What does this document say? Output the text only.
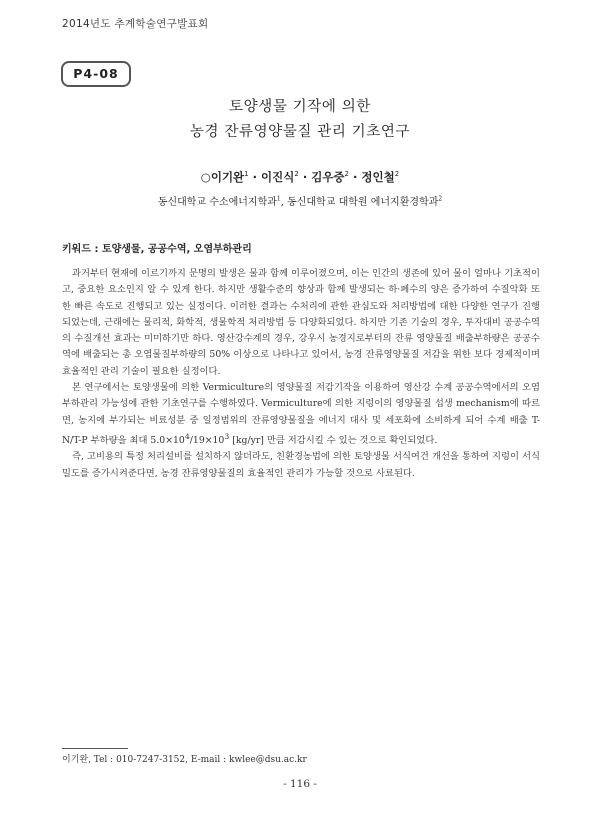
2014년도 추계학술연구발표회
P4-08
토양생물 기작에 의한
농경 잔류영양물질 관리 기초연구
○이기완$^1$ · 이진식$^2$ · 김우중$^2$ · 정인철$^2$
동신대학교 수소에너지학과$^1$, 동신대학교 대학원 에너지환경학과$^2$
키워드 : 토양생물, 공공수역, 오염부하관리

과거부터 현재에 이르기까지 문명의 발생은 물과 함께 이루어졌으며, 이는 인간의 생존에 있어 물이 얼마나 기초적이고, 중요한 요소인지 알 수 있게 한다. 하지만 생활수준의 향상과 함께 발생되는 하·폐수의 양은 증가하여 수질악화 또한 빠른 속도로 진행되고 있는 실정이다. 이러한 결과는 수처리에 관한 관심도와 처리방법에 대한 다양한 연구가 진행되었는데, 근래에는 물리적, 화학적, 생물학적 처리방법 등 다양화되었다. 하지만 기존 기술의 경우, 투자대비 공공수역의 수질개선 효과는 미미하기만 하다. 영산강수계의 경우, 강우시 농경지로부터의 잔류 영양물질 배출부하량은 공공수역에 배출되는 총 오염물질부하량의 50% 이상으로 나타나고 있어서, 농경 잔류영양물질 저감을 위한 보다 경제적이며 효율적인 관리 기술이 필요한 실정이다.

본 연구에서는 토양생물에 의한 Vermiculture의 영양물질 저감기작을 이용하여 영산강 수계 공공수역에서의 오염부하관리 가능성에 관한 기초연구를 수행하였다. Vermiculture에 의한 지렁이의 영양물질 섭생 mechanism에 따르면, 농지에 부가되는 비료성분 중 일정범위의 잔류영양물질을 에너지 대사 및 세포화에 소비하게 되어 수계 배출 T-N/T-P 부하량을 최대 $5.0\times 10^4/19\times 10^3$ [kg/yr] 만큼 저감시킬 수 있는 것으로 확인되었다.

즉, 고비용의 특정 처리설비를 설치하지 않더라도, 친환경농법에 의한 토양생물 서식여건 개선을 통하여 지렁이 서식밀도를 증가시켜준다면, 농경 잔류영양물질의 효율적인 관리가 가능할 것으로 사료된다.

이기완, Tel : 010-7247-3152, E-mail : kwlee@dsu.ac.kr
- 116 -
